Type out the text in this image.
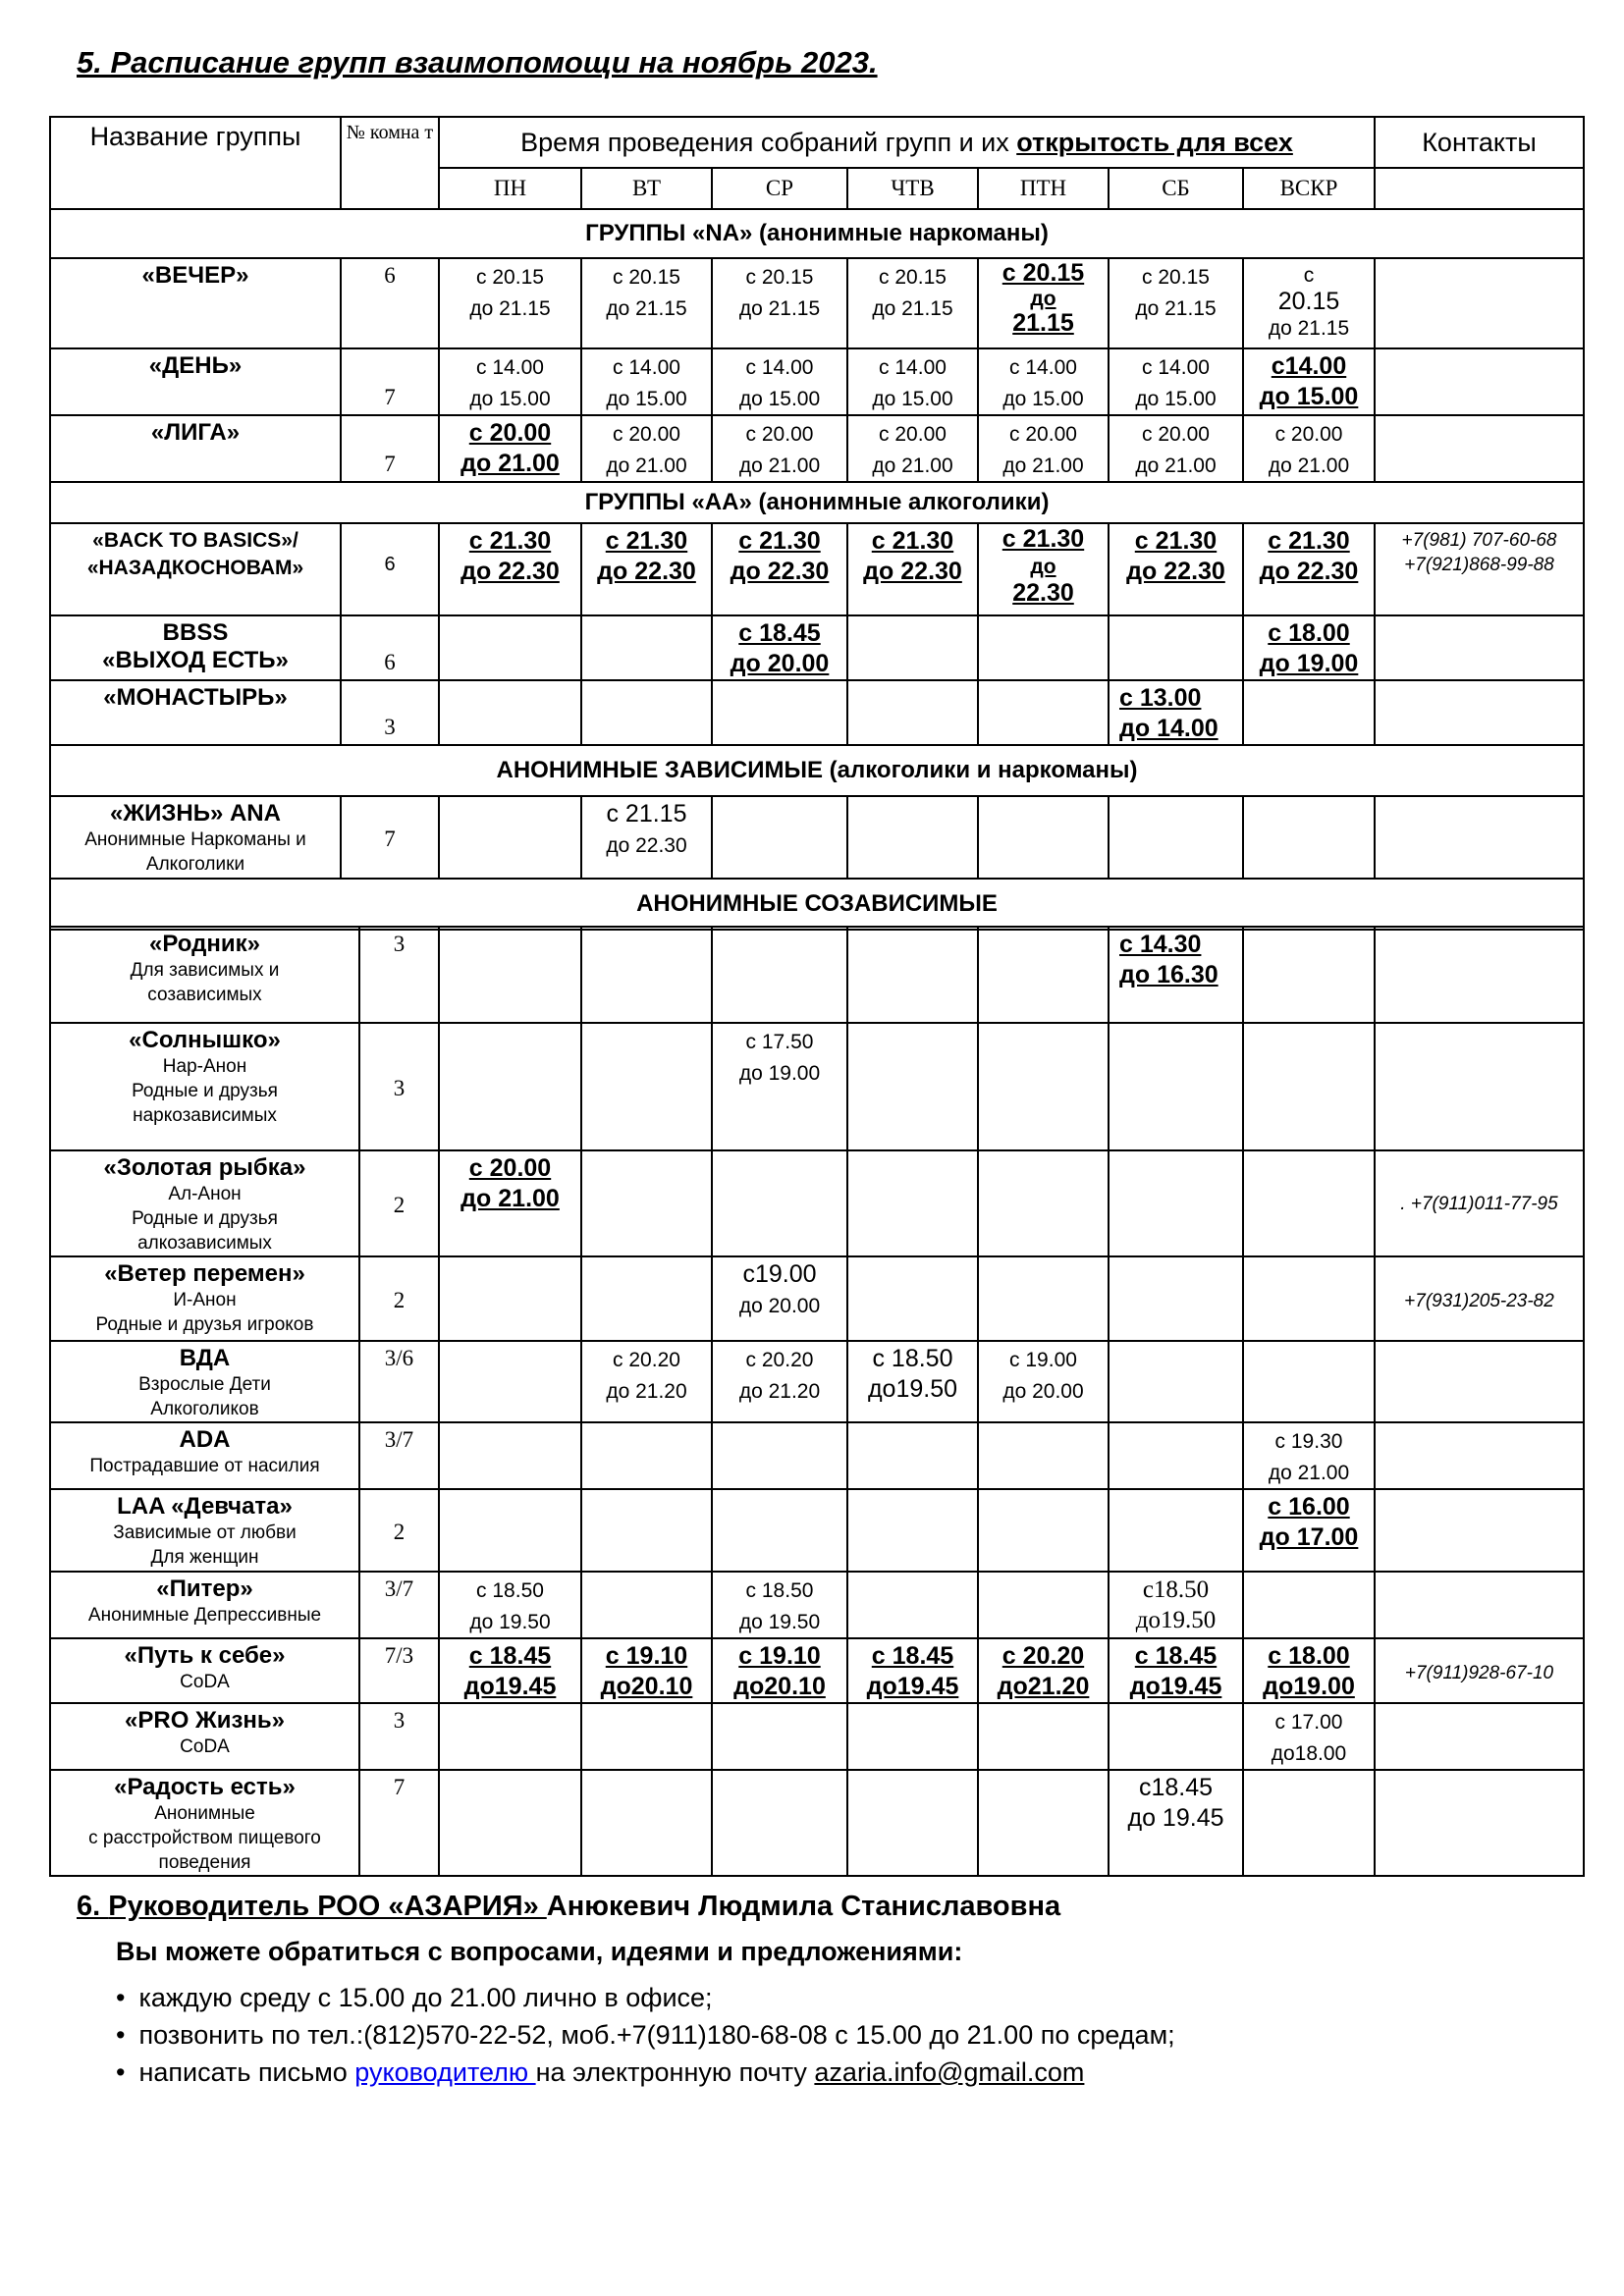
5. Расписание групп взаимопомощи на ноябрь 2023.
Название группы	№ комна т	Время проведения собраний групп и их открытость для всех							Контакты
		ПН	ВТ	СР	ЧТВ	ПТН	СБ	ВСКР	
ГРУППЫ «NA» (анонимные наркоманы)									

«ВЕЧЕР»	6	с 20.15
до 21.15	с 20.15
до 21.15	с 20.15
до 21.15	с 20.15
до 21.15	с 20.15
до
21.15	с 20.15
до 21.15	с
20.15
до 21.15	

«ДЕНЬ»	7	с 14.00
до 15.00	с 14.00
до 15.00	с 14.00
до 15.00	с 14.00
до 15.00	с 14.00
до 15.00	с 14.00
до 15.00	с14.00
до 15.00	

«ЛИГА»	7	с 20.00
до 21.00	с 20.00
до 21.00	с 20.00
до 21.00	с 20.00
до 21.00	с 20.00
до 21.00	с 20.00
до 21.00	с 20.00
до 21.00	
ГРУППЫ «АА» (анонимные алкоголики)									

«BACK TO BASICS»/
«НАЗАДКОСНОВАМ»	6	с 21.30
до 22.30	с 21.30
до 22.30	с 21.30
до 22.30	с 21.30
до 22.30	с 21.30
до
22.30	с 21.30
до 22.30	с 21.30
до 22.30	+7(981) 707-60-68
+7(921)868-99-88

BBSS
«ВЫХОД ЕСТЬ»	6			с 18.45
до 20.00				с 18.00
до 19.00	

«МОНАСТЫРЬ»	3						с 13.00
до 14.00		
АНОНИМНЫЕ ЗАВИСИМЫЕ (алкоголики и наркоманы)									

«ЖИЗНЬ» ANA
Анонимные Наркоманы и Алкоголики	7		с 21.15
до 22.30						
АНОНИМНЫЕ СОЗАВИСИМЫЕ									
«Родник»
Для зависимых и
созависимых	3						с 14.30
до 16.30		

«Солнышко»
Нар-Анон
Родные и друзья
наркозависимых	3			с 17.50
до 19.00					

«Золотая рыбка»
Ал-Анон
Родные и друзья
алкозависимых	2	с 20.00
до 21.00							. +7(911)011-77-95

«Ветер перемен»
И-Анон
Родные и друзья игроков	2			с19.00
до 20.00					+7(931)205-23-82

ВДА
Взрослые Дети
Алкоголиков	3/6		с 20.20
до 21.20	с 20.20
до 21.20	с 18.50
до19.50	с 19.00
до 20.00			

ADA
Пострадавшие от насилия	3/7							с 19.30
до 21.00	

LAA «Девчата»
Зависимые от любви
Для женщин	2							с 16.00
до 17.00	

«Питер»
Анонимные Депрессивные	3/7	с 18.50
до 19.50		с 18.50
до 19.50			с18.50
до19.50		

«Путь к себе»
CoDA	7/3	с 18.45
до19.45	с 19.10
до20.10	с 19.10
до20.10	с 18.45
до19.45	с 20.20
до21.20	с 18.45
до19.45	с 18.00
до19.00	+7(911)928-67-10

«PRO Жизнь»
CoDA	3							с 17.00
до18.00	

«Радость есть»
Анонимные
с расстройством пищевого
поведения	7						с18.45
до 19.45		
6. Руководитель РОО «АЗАРИЯ» Анюкевич Людмила Станиславовна
Вы можете обратиться с вопросами, идеями и предложениями:
• каждую среду с 15.00 до 21.00 лично в офисе;
• позвонить по тел.:(812)570-22-52, моб.+7(911)180-68-08 с 15.00 до 21.00 по средам;
• написать письмо руководителю на электронную почту azaria.info@gmail.com
